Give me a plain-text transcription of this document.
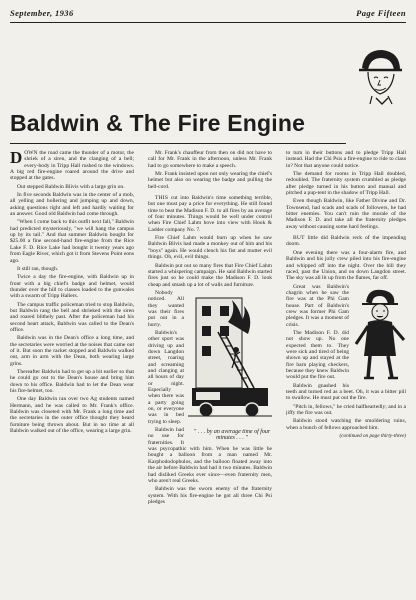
September, 1936	Page Fifteen
Baldwin & The Fire Engine

DOWN the road came the thunder of a motor, the shriek of a siren, and the clanging of a bell; every-body in Tripp Hall rushed to the windows. A big red fire-engine roared around the drive and stopped at the gates.

Out stepped Baldwin Blivis with a large grin on.

In five seconds Baldwin was in the center of a mob, all yelling and hollering and jumping up and down, asking questions right and left and hardly waiting for an answer. Good old Baldwin had come through.

"When I come back to this outfit next fall," Baldwin had predicted mysteriously, "we will hang the campus up by its tail." And that summer Baldwin bought for $25.00 a fine second-hand fire-engine from the Rice Lake F. D. Rice Lake had bought it twenty years ago from Eagle River, which got it from Stevens Point eons ago.

It still ran, though.

Twice a day the fire-engine, with Baldwin up in front with a big chief's badge and helmet, would thunder over the hill to classes loaded to the gunwales with a swarm of Tripp Hallers.

The campus traffic policeman tried to stop Baldwin, but Baldwin rang the bell and shrieked with the siren and roared blithely past. After the policeman had his second heart attack, Baldwin was called to the Dean's office.

Baldwin was in the Dean's office a long time, and the secretaries were worried at the noises that came out of it. But soon the racket stopped and Baldwin walked out, arm in arm with the Dean, both wearing large grins.

Thereafter Baldwin had to get up a bit earlier so that he could go out to the Dean's house and bring him down to his office. Baldwin had to let the Dean wear his fire-helmet, too.

One day Baldwin ran over two Ag students named Hermann, and he was called to Mr. Frank's office. Baldwin was closeted with Mr. Frank a long time and the secretaries in the outer office thought they heard furniture being thrown about. But in no time at all Baldwin walked out of the office, wearing a large grin.

Mr. Frank's chauffeur from then on did not have to call for Mr. Frank in the afternoon, unless Mr. Frank had to go somewhere to make a speech.

Mr. Frank insisted upon not only wearing the chief's helmet but also on wearing the badge and pulling the bell-cord.

THIS cut into Baldwin's time something terrible, but one must pay a price for everything. He still found time to beat the Madison F. D. to all fires by an average of four minutes. Things would be well under control when Fire Chief Lahm hove into view with Hook & Ladder company No. 7.

Fire Chief Lahm would burn up when he saw Baldwin Blivis had made a monkey out of him and his "boys" again. He would clench his fist and mutter evil things. Oh, evil, evil things.

Baldwin put out so many fires that Fire Chief Lahm started a whispering campaign. He said Baldwin started fires just so he could make the Madison F. D. look cheap and smash up a lot of walls and furniture.

" . . . by an average time of four minutes . . . "

Nobody noticed. All they wanted was their fires put out in a hurry.

Baldwin's other sport was driving up and down Langdon street, roaring and screaming and clanging at all hours of day or night. Especially when there was a party going on, or everyone was in bed trying to sleep.

Baldwin had no use for fraternities. It was psycopathic with him. When he was little he bought a balloon from a man named Mr. Karphododophulos, and the balloon floated away into the air before Baldwin had had it two minutes. Baldwin had disliked Greeks ever since—even fraternity men, who aren't real Greeks.

Baldwin was the sworn enemy of the fraternity system. With his fire-engine he got all three Chi Psi pledges

to turn in their buttons and to pledge Tripp Hall instead. Had the Chi Psis a fire-engine to ride to class in? Not that anyone could notice.

The demand for rooms in Tripp Hall doubled, redoubled. The fraternity system crumbled as pledge after pledge turned in his button and manual and pitched a pup-tent in the shadow of Tripp Hall.

Even though Baldwin, like Father Divine and Dr. Townsend, had scads and scads of followers, he had bitter enemies. You can't ruin the morale of the Madison F. D. and take all the fraternity pledges away without causing some hard feelings.

BUT little did Baldwin reck of the impending doom.

One evening there was a four-alarm fire, and Baldwin and his jolly crew piled into his fire-engine and whipped off into the night. Over the hill they raced, past the Union, and on down Langdon street. The sky was all lit up from the flames, far off.

Great was Baldwin's chagrin when he saw the fire was at the Phi Gam house. Part of Baldwin's crew was former Phi Gam pledges. It was a moment of crisis.

The Madison F. D. did not show up. No one expected them to. They were sick and tired of being shown up and stayed at the fire barn playing checkers, because they knew Baldwin would put the fire out.

Baldwin gnashed his teeth and turned red as a beet. Oh, it was a bitter pill to swallow. He must put out the fire.

"Pitch in, fellows," he cried halfheartedly; and in a jiffy the fire was out.

Baldwin stood watching the smoldering ruins, when a bunch of fellows approached him.

(continued on page thirty-three)
